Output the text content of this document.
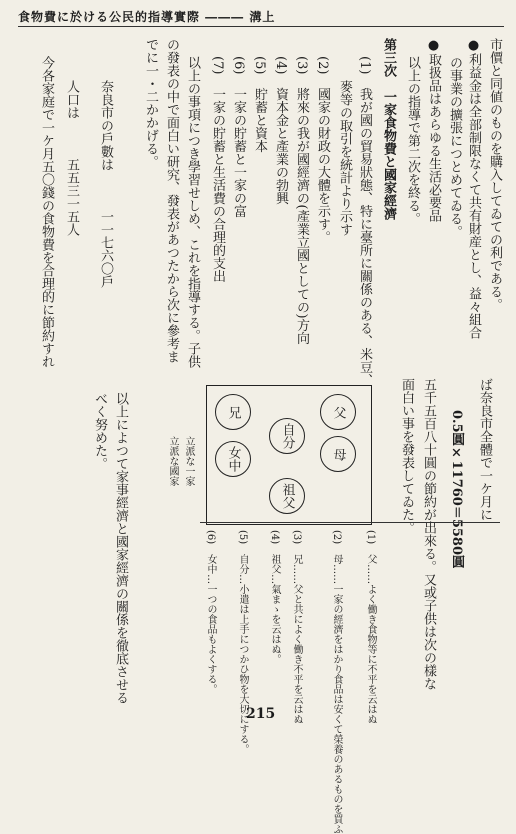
食物費に於ける公民的指導實際 ――― 溝上
市價と同値のものを購入してゐての利である。
●利益金は全部制限なくて共有財産とし、益々組合
の事業の擴張につとめてゐる。
●取扱品はあらゆる生活必要品
以上の指導で第二次を終る。
第三次　一家食物費と國家經濟
(1)　我が國の貿易狀態、特に臺所に關係のある、米豆、
麥等の取引を統計より示す
(2)　國家の財政の大體を示す。
(3)　將來の我が國經濟の(產業立國としての)方向
(4)　資本金と產業の勃興
(5)　貯蓄と資本
(6)　一家の貯蓄と一家の富
(7)　一家の貯蓄と生活費の合理的支出
以上の事項につき學習せしめ、これを指導する。子供
の發表の中で面白い研究、發表があつたから次に參考ま
でに一・二かかげる。
奈良市の戶數は　　　一一七六〇戶
人口は　　　五五三一五人
今各家庭で一ケ月五〇錢の食物費を合理的に節約すれ
ば奈良市全體で一ケ月に
0.5圓×11760＝5580圓
五千五百八十圓の節約が出來る。又或子供は次の樣な
面白い事を發表してゐた。
父
兄
母
自分
女中
祖父
立派な一家
立派な國家
(1)　父……よく働き食物等に不平を云はぬ
(2)　母……一家の經濟をはかり食品は安くて榮養のあるものを買ふ
(3)　兄……父と共によく働き不平を云はぬ
(4)　祖父…氣まゝを云はぬ。
(5)　自分…小遣は上手につかひ物を大切にする。
(6)　女中…一つの食品もよくする。
以上によつて家事經濟と國家經濟の關係を徹底させる
べく努めた。
215
